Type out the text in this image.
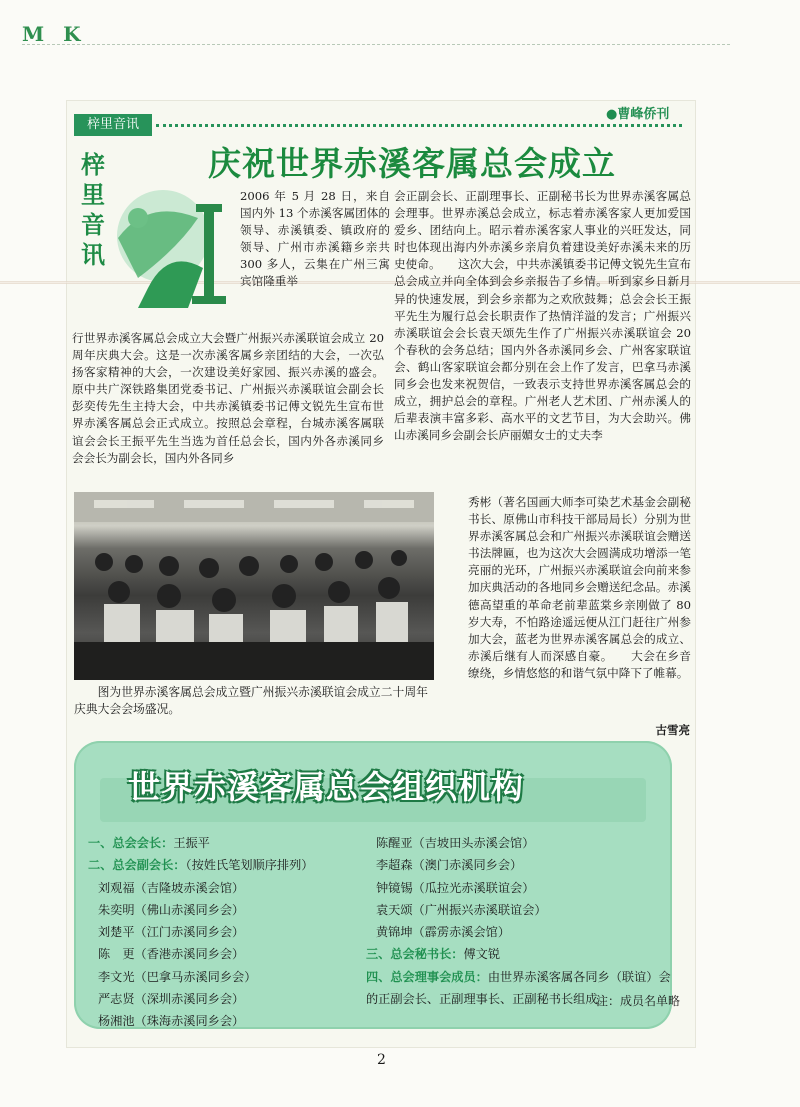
M K
梓里音讯
●曹峰侨刊
庆祝世界赤溪客属总会成立
梓里音讯
2006 年 5 月 28 日，来自国内外 13 个赤溪客属团体的领导、赤溪镇委、镇政府的领导、广州市赤溪籍乡亲共 300 多人，云集在广州三寓宾馆隆重举
行世界赤溪客属总会成立大会暨广州振兴赤溪联谊会成立 20 周年庆典大会。这是一次赤溪客属乡亲团结的大会，一次弘扬客家精神的大会，一次建设美好家园、振兴赤溪的盛会。原中共广深铁路集团党委书记、广州振兴赤溪联谊会副会长彭奕传先生主持大会，中共赤溪镇委书记傅文锐先生宣布世界赤溪客属总会正式成立。按照总会章程，台城赤溪客属联谊会会长王振平先生当选为首任总会长，国内外各赤溪同乡会会长为副会长，国内外各同乡
会正副会长、正副理事长、正副秘书长为世界赤溪客属总会理事。世界赤溪总会成立，标志着赤溪客家人更加爱国爱乡、团结向上。昭示着赤溪客家人事业的兴旺发达，同时也体现出海内外赤溪乡亲肩负着建设美好赤溪未来的历史使命。　　这次大会，中共赤溪镇委书记傅文锐先生宣布总会成立并向全体到会乡亲报告了乡情。听到家乡日新月异的快速发展，到会乡亲都为之欢欣鼓舞；总会会长王振平先生为履行总会长职责作了热情洋溢的发言；广州振兴赤溪联谊会会长袁天颂先生作了广州振兴赤溪联谊会 20 个春秋的会务总结；国内外各赤溪同乡会、广州客家联谊会、鹤山客家联谊会都分别在会上作了发言，巴拿马赤溪同乡会也发来祝贺信，一致表示支持世界赤溪客属总会的成立，拥护总会的章程。广州老人艺术团、广州赤溪人的后辈表演丰富多彩、高水平的文艺节目，为大会助兴。佛山赤溪同乡会副会长庐丽媚女士的丈夫李
秀彬（著名国画大师李可染艺术基金会副秘书长、原佛山市科技干部局局长）分别为世界赤溪客属总会和广州振兴赤溪联谊会赠送书法牌匾，也为这次大会圆满成功增添一笔亮丽的光环，广州振兴赤溪联谊会向前来参加庆典活动的各地同乡会赠送纪念品。赤溪德高望重的革命老前辈蓝棠乡亲刚做了 80 岁大寿，不怕路途遥远便从江门赶往广州参加大会，蓝老为世界赤溪客属总会的成立、赤溪后继有人而深感自豪。　　大会在乡音缭绕，乡情悠悠的和谐气氛中降下了帷幕。
古雪亮
图为世界赤溪客属总会成立暨广州振兴赤溪联谊会成立二十周年庆典大会会场盛况。
世界赤溪客属总会组织机构
一、总会会长：王振平
二、总会副会长：（按姓氏笔划顺序排列）
刘观福（吉隆坡赤溪会馆）
朱奕明（佛山赤溪同乡会）
刘楚平（江门赤溪同乡会）
陈　更（香港赤溪同乡会）
李文光（巴拿马赤溪同乡会）
严志贤（深圳赤溪同乡会）
杨湘池（珠海赤溪同乡会）
陈醒亚（吉坡田头赤溪会馆）
李超森（澳门赤溪同乡会）
钟镜锡（瓜拉光赤溪联谊会）
袁天颂（广州振兴赤溪联谊会）
黄锦坤（霹雳赤溪会馆）
三、总会秘书长：傅文锐
四、总会理事会成员：由世界赤溪客属各同乡（联谊）会的正副会长、正副理事长、正副秘书长组成。
注：成员名单略
2
